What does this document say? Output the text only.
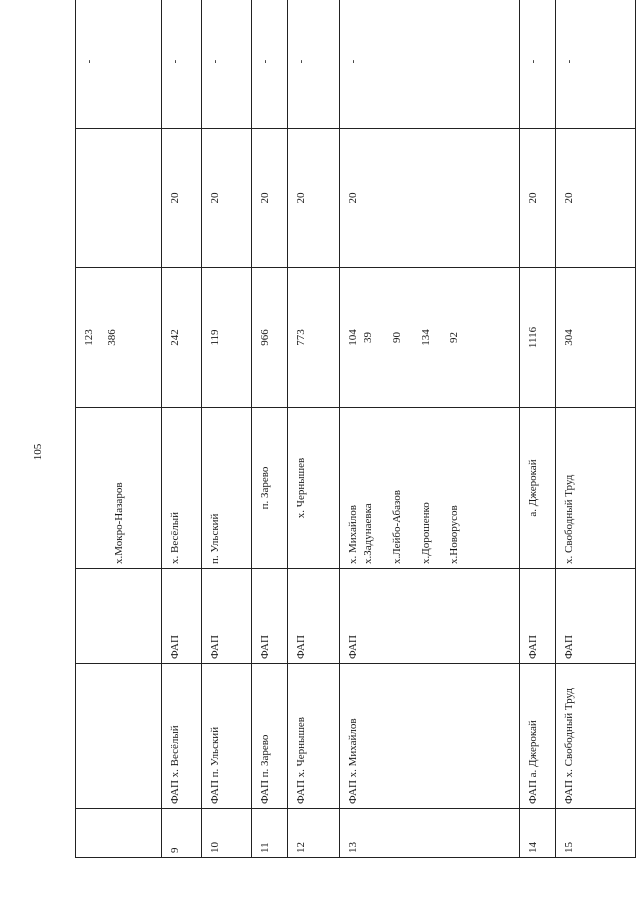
105

			х.Мокро-Назаров	123 386		-
9	ФАП х. Весёлый	ФАП	х. Весёлый	242	20	-
10	ФАП п. Ульский	ФАП	п. Ульский	119	20	-
11	ФАП п. Зарево	ФАП	п. Зарево	966	20	-
12	ФАП х. Чернышев	ФАП	х. Чернышев	773	20	-
13	ФАП х. Михайлов	ФАП	х. Михайлов х.Задунаевка х.Лейбо-Абазов х.Дорошенко х.Новорусов	104 39 90 134 92	20	-
14	ФАП а. Джерокай	ФАП	а. Джерокай	1116	20	-
15	ФАП х. Свободный Труд	ФАП	х. Свободный Труд	304	20	-
